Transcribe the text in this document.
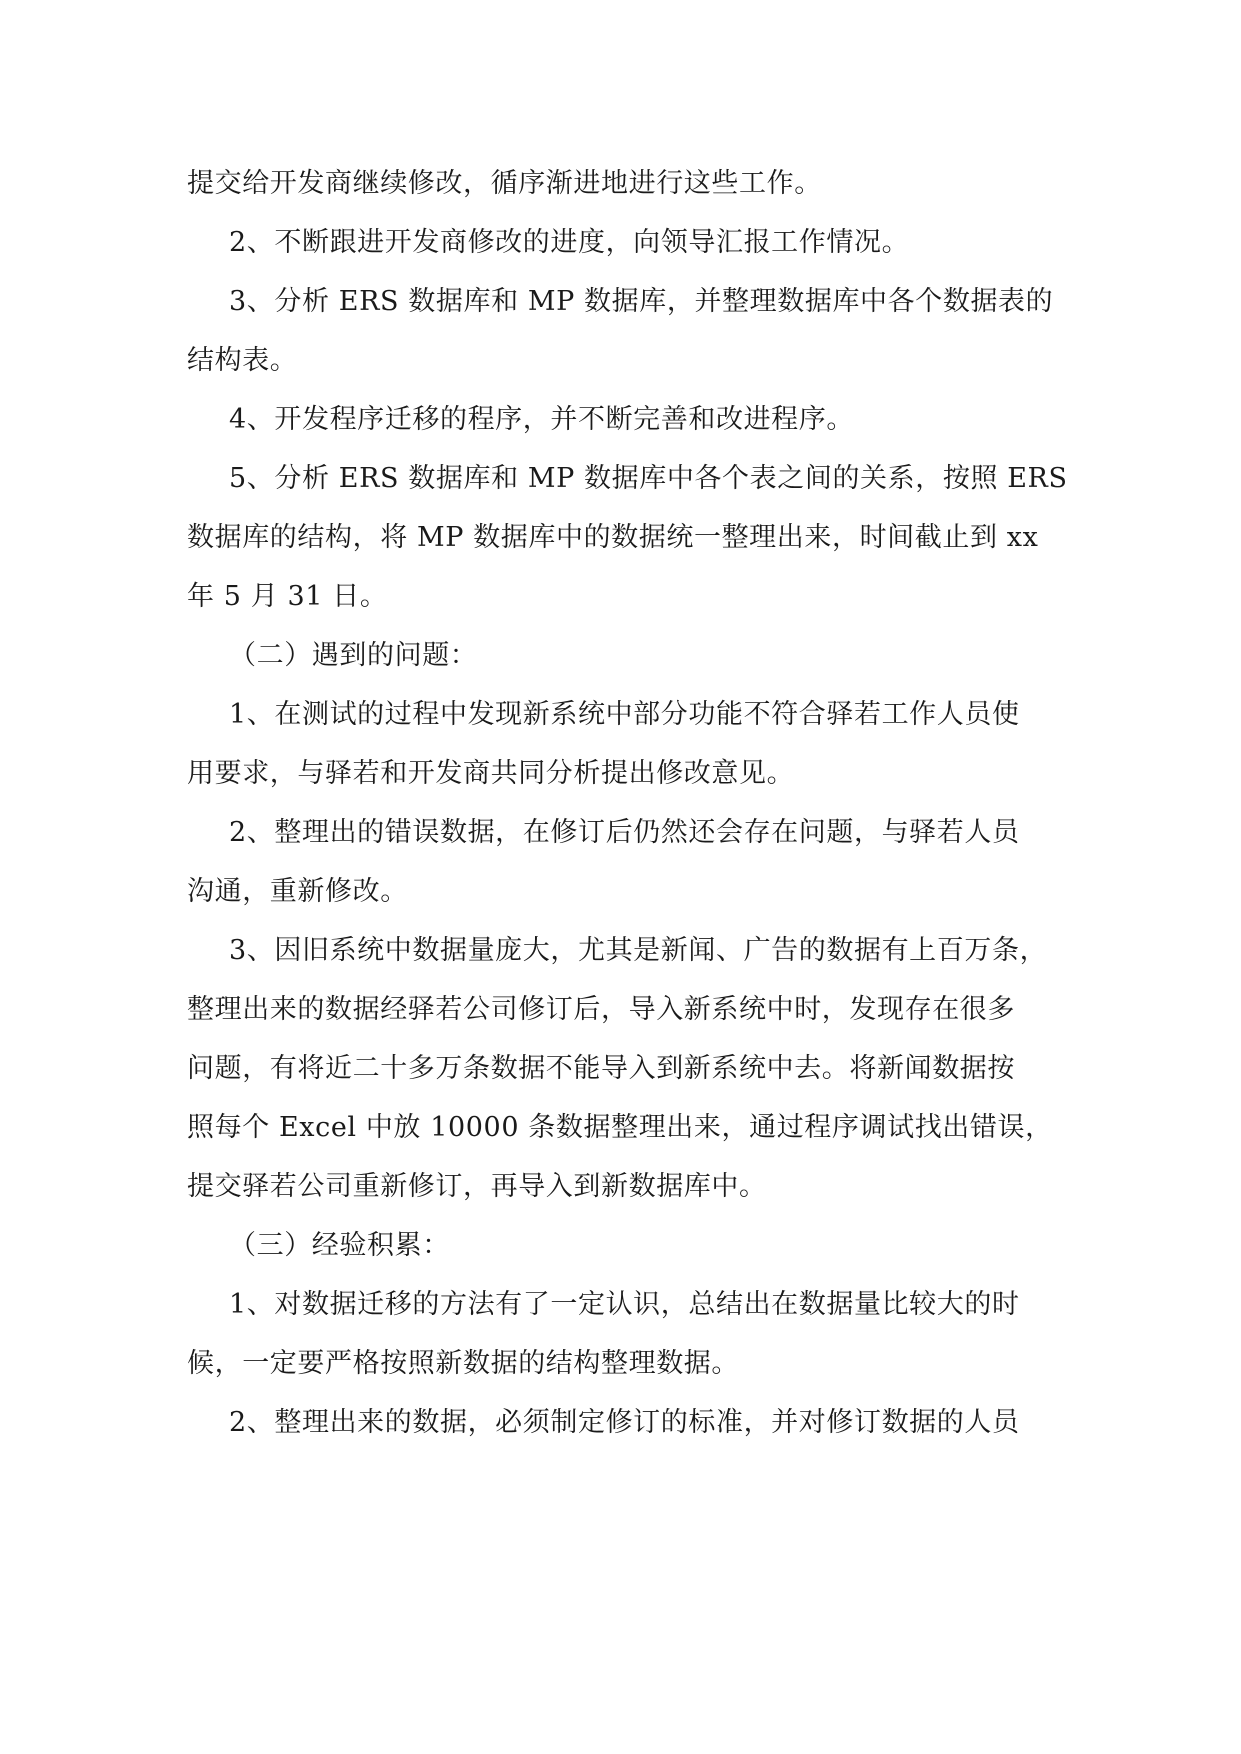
提交给开发商继续修改，循序渐进地进行这些工作。
2、不断跟进开发商修改的进度，向领导汇报工作情况。
3、分析 ERS 数据库和 MP 数据库，并整理数据库中各个数据表的
结构表。
4、开发程序迁移的程序，并不断完善和改进程序。
5、分析 ERS 数据库和 MP 数据库中各个表之间的关系，按照 ERS
数据库的结构，将 MP 数据库中的数据统一整理出来，时间截止到 xx
年 5 月 31 日。
（二）遇到的问题：
1、在测试的过程中发现新系统中部分功能不符合驿若工作人员使
用要求，与驿若和开发商共同分析提出修改意见。
2、整理出的错误数据，在修订后仍然还会存在问题，与驿若人员
沟通，重新修改。
3、因旧系统中数据量庞大，尤其是新闻、广告的数据有上百万条，
整理出来的数据经驿若公司修订后，导入新系统中时，发现存在很多
问题，有将近二十多万条数据不能导入到新系统中去。将新闻数据按
照每个 Excel 中放 10000 条数据整理出来，通过程序调试找出错误，
提交驿若公司重新修订，再导入到新数据库中。
（三）经验积累：
1、对数据迁移的方法有了一定认识，总结出在数据量比较大的时
候，一定要严格按照新数据的结构整理数据。
2、整理出来的数据，必须制定修订的标准，并对修订数据的人员
